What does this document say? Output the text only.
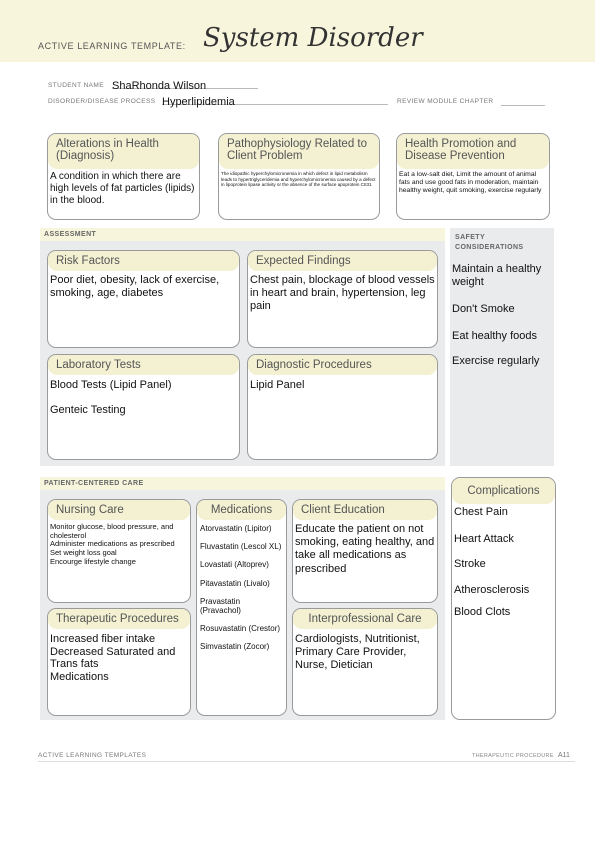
ACTIVE LEARNING TEMPLATE: System Disorder
STUDENT NAME ShaRhonda Wilson
DISORDER/DISEASE PROCESS Hyperlipidemia	REVIEW MODULE CHAPTER
Alterations in Health (Diagnosis)
A condition in which there are high levels of fat particles (lipids) in the blood.
Pathophysiology Related to Client Problem
The idiopathic hyperchylomicronemia in which defect in lipid metabolism leads to hypertriglyceridemia and hyperchylomicronemia caused by a defect in lipoprotein lipase activity or the absence of the surface apoprotein CII31
Health Promotion and Disease Prevention
Eat a low-salt diet, Limit the amount of animal fats and use good fats in moderation, maintain healthy weight, quit smoking, exercise regularly
ASSESSMENT
Risk Factors
Poor diet, obesity, lack of exercise, smoking, age, diabetes
Expected Findings
Chest pain, blockage of blood vessels in heart and brain, hypertension, leg pain
Laboratory Tests
Blood Tests (Lipid Panel)
Genteic Testing
Diagnostic Procedures
Lipid Panel
SAFETY CONSIDERATIONS
Maintain a healthy weight
Don't Smoke
Eat healthy foods
Exercise regularly
PATIENT-CENTERED CARE
Nursing Care
Monitor glucose, blood pressure, and cholesterol
Administer medications as prescribed
Set weight loss goal
Encourge lifestyle change
Medications
Atorvastatin (Lipitor)
Fluvastatin (Lescol XL)
Lovastati (Altoprev)
Pitavastatin (Livalo)
Pravastatin (Pravachol)
Rosuvastatin (Crestor)
Simvastatin (Zocor)
Client Education
Educate the patient on not smoking, eating healthy, and take all medications as prescribed
Therapeutic Procedures
Increased fiber intake
Decreased Saturated and Trans fats
Medications
Interprofessional Care
Cardiologists, Nutritionist, Primary Care Provider, Nurse, Dietician
Complications
Chest Pain
Heart Attack
Stroke
Atherosclerosis
Blood Clots
ACTIVE LEARNING TEMPLATES	THERAPEUTIC PROCEDURE A11
